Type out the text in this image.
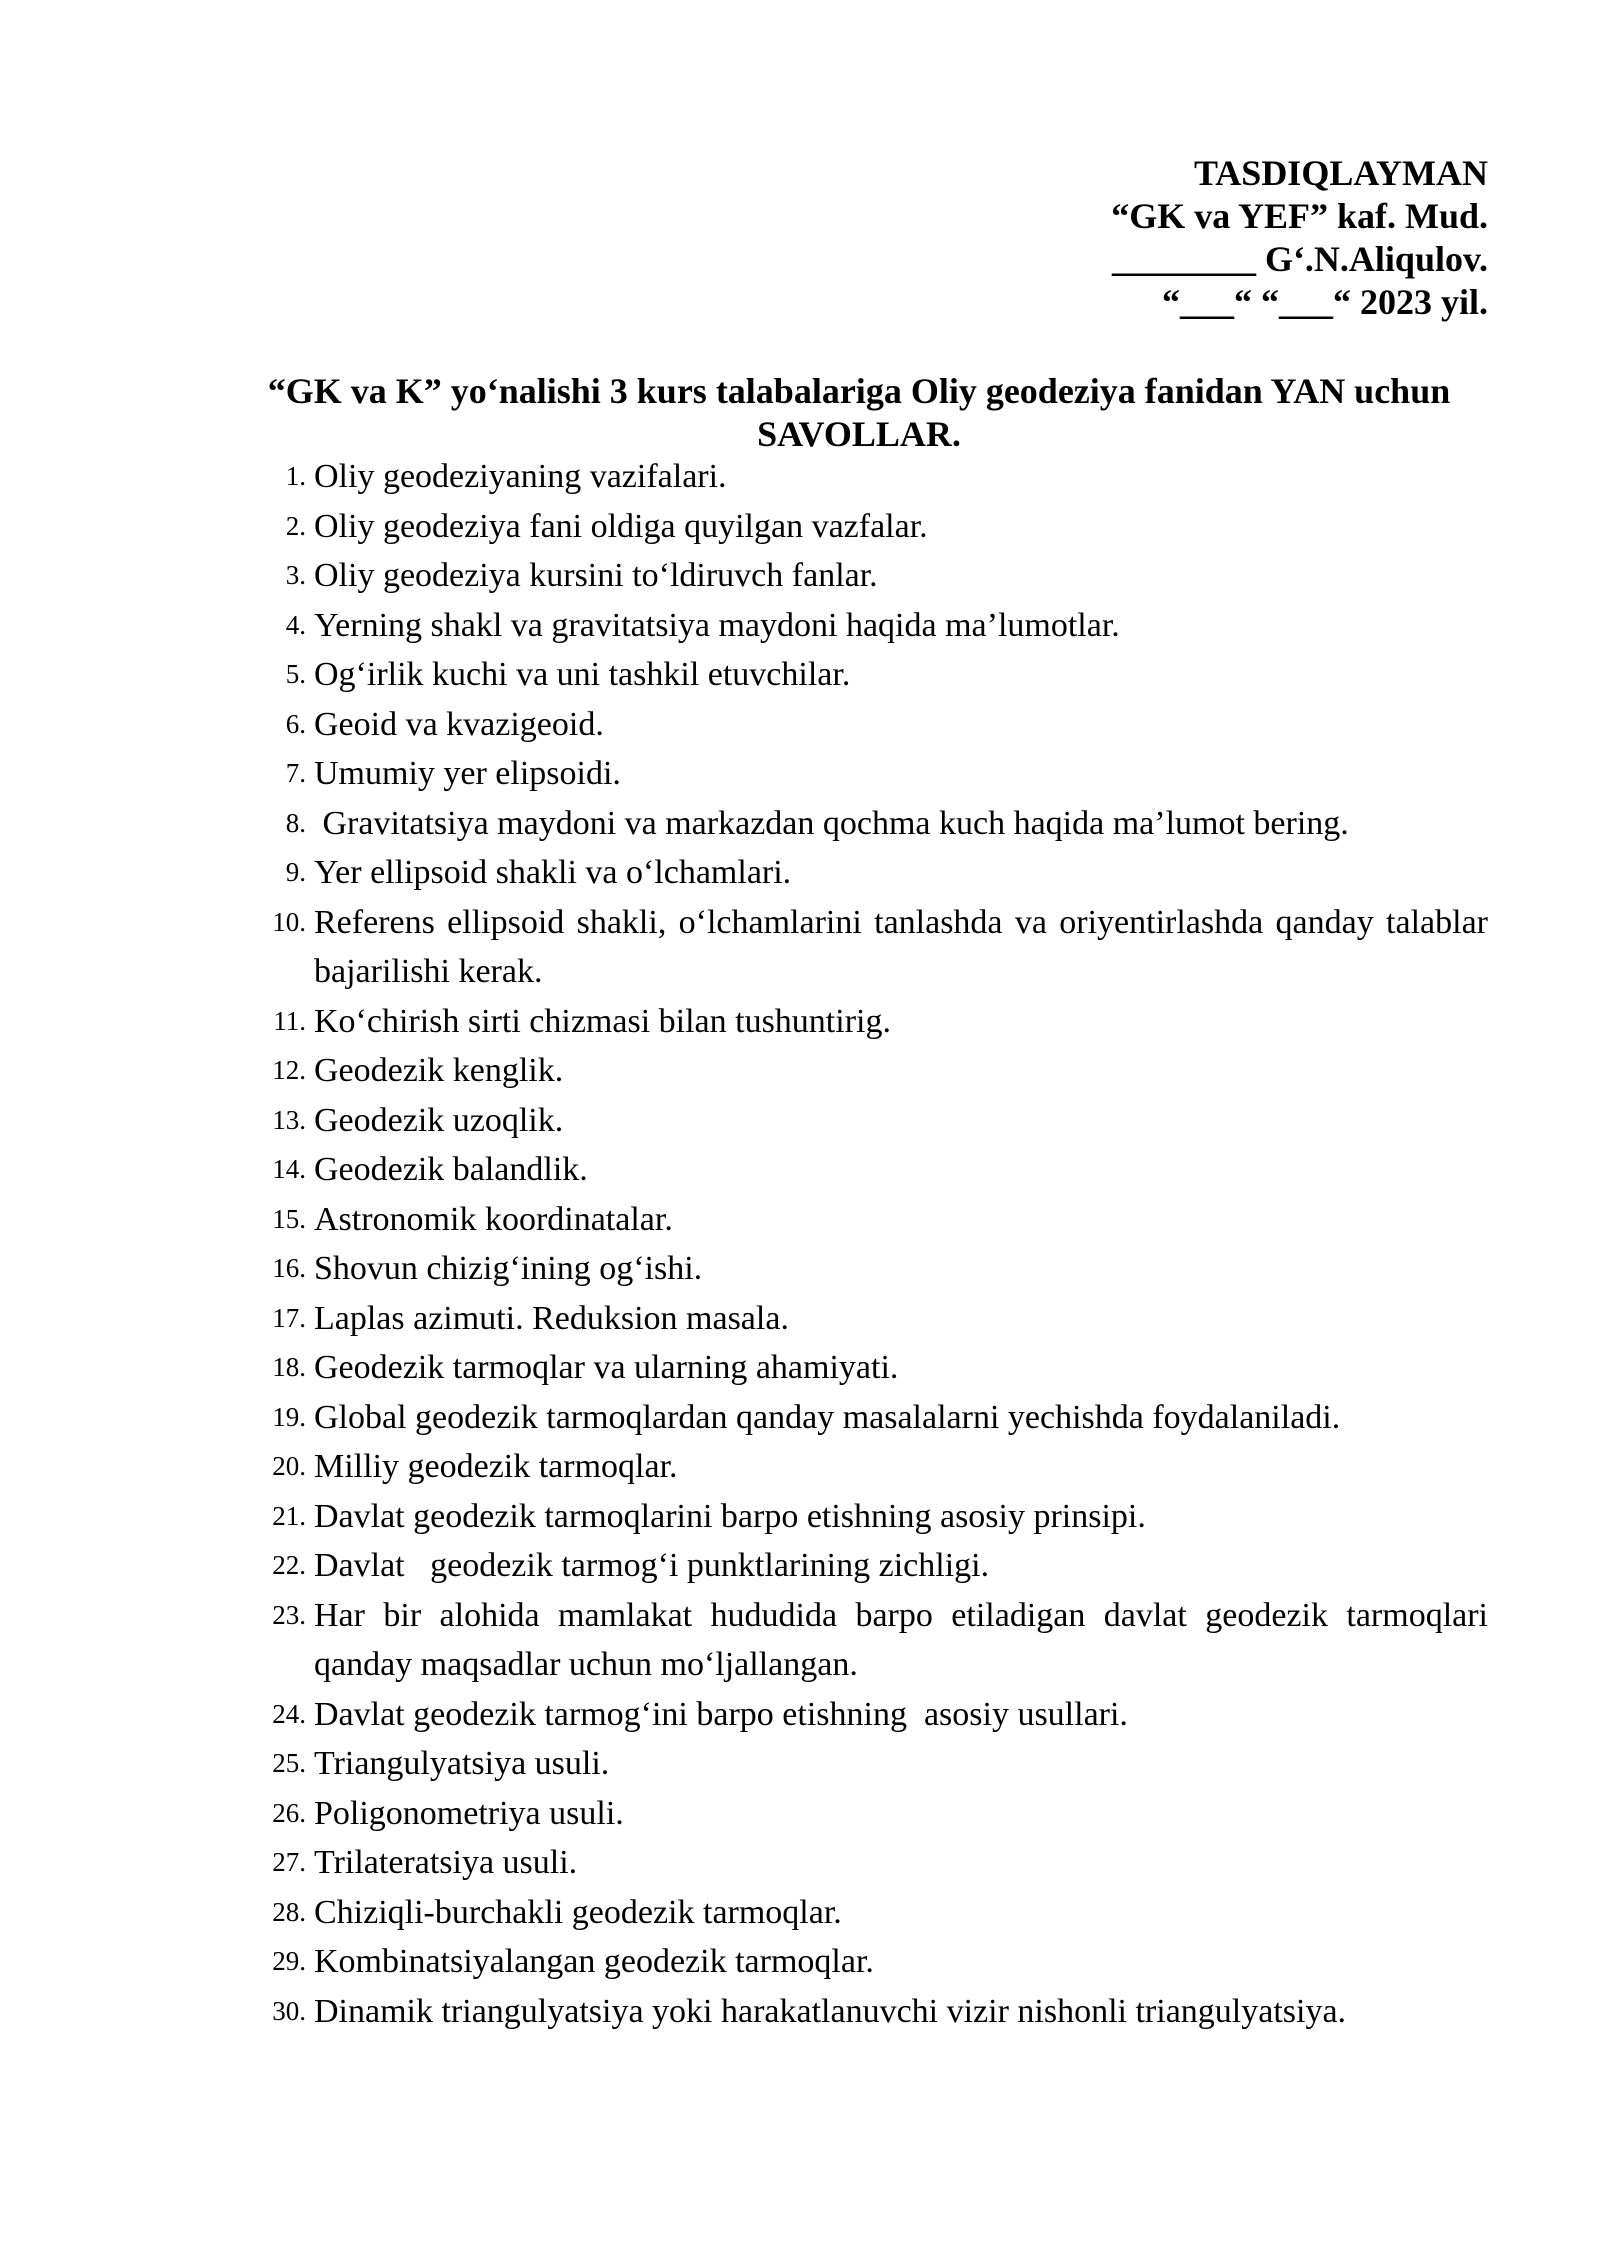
TASDIQLAYMAN
“GK va YEF” kaf. Mud.
________ G‘.N.Aliqulov.
“___“ “___“ 2023 yil.
“GK va K” yo‘nalishi 3 kurs talabalariga Oliy geodeziya fanidan YAN uchun
SAVOLLAR.
1. Oliy geodeziyaning vazifalari.
2. Oliy geodeziya fani oldiga quyilgan vazfalar.
3. Oliy geodeziya kursini to‘ldiruvch fanlar.
4. Yerning shakl va gravitatsiya maydoni haqida ma’lumotlar.
5. Og‘irlik kuchi va uni tashkil etuvchilar.
6. Geoid va kvazigeoid.
7. Umumiy yer elipsoidi.
8. Gravitatsiya maydoni va markazdan qochma kuch haqida ma’lumot bering.
9. Yer ellipsoid shakli va o‘lchamlari.
10. Referens ellipsoid shakli, o‘lchamlarini tanlashda va oriyentirlashda qanday talablar bajarilishi kerak.
11. Ko‘chirish sirti chizmasi bilan tushuntirig.
12. Geodezik kenglik.
13. Geodezik uzoqlik.
14. Geodezik balandlik.
15. Astronomik koordinatalar.
16. Shovun chizig‘ining og‘ishi.
17. Laplas azimuti. Reduksion masala.
18. Geodezik tarmoqlar va ularning ahamiyati.
19. Global geodezik tarmoqlardan qanday masalalarni yechishda foydalaniladi.
20. Milliy geodezik tarmoqlar.
21. Davlat geodezik tarmoqlarini barpo etishning asosiy prinsipi.
22. Davlat   geodezik tarmog‘i punktlarining zichligi.
23. Har bir alohida mamlakat hududida barpo etiladigan davlat geodezik tarmoqlari qanday maqsadlar uchun mo‘ljallangan.
24. Davlat geodezik tarmog‘ini barpo etishning  asosiy usullari.
25. Triangulyatsiya usuli.
26. Poligonometriya usuli.
27. Trilateratsiya usuli.
28. Chiziqli-burchakli geodezik tarmoqlar.
29. Kombinatsiyalangan geodezik tarmoqlar.
30. Dinamik triangulyatsiya yoki harakatlanuvchi vizir nishonli triangulyatsiya.
